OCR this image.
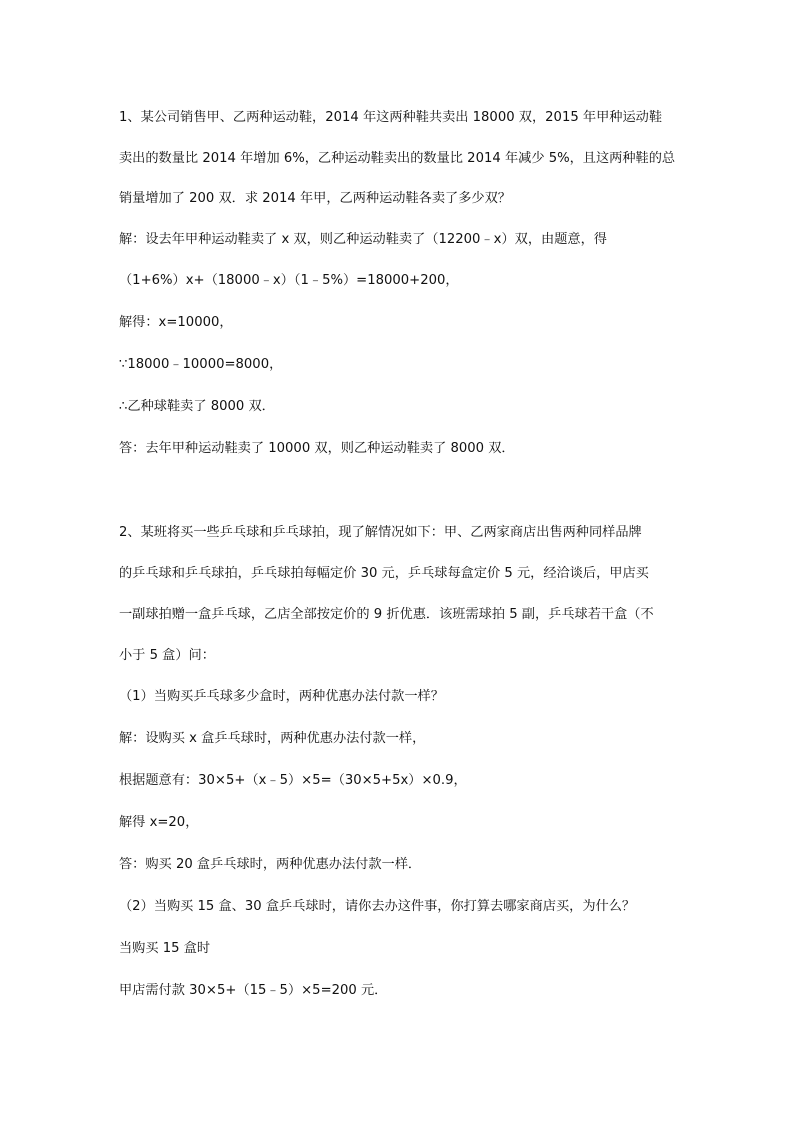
1、某公司销售甲、乙两种运动鞋，2014 年这两种鞋共卖出 18000 双，2015 年甲种运动鞋
卖出的数量比 2014 年增加 6%，乙种运动鞋卖出的数量比 2014 年减少 5%，且这两种鞋的总
销量增加了 200 双．求 2014 年甲，乙两种运动鞋各卖了多少双？
解：设去年甲种运动鞋卖了 x 双，则乙种运动鞋卖了（12200﹣x）双，由题意，得
（1+6%）x+（18000﹣x）（1﹣5%）=18000+200，
解得：x=10000，
∵18000﹣10000=8000，
∴乙种球鞋卖了 8000 双．
答：去年甲种运动鞋卖了 10000 双，则乙种运动鞋卖了 8000 双．
2、某班将买一些乒乓球和乒乓球拍，现了解情况如下：甲、乙两家商店出售两种同样品牌
的乒乓球和乒乓球拍，乒乓球拍每幅定价 30 元，乒乓球每盒定价 5 元，经洽谈后，甲店买
一副球拍赠一盒乒乓球，乙店全部按定价的 9 折优惠．该班需球拍 5 副，乒乓球若干盒（不
小于 5 盒）问：
（1）当购买乒乓球多少盒时，两种优惠办法付款一样？
解：设购买 x 盒乒乓球时，两种优惠办法付款一样，
根据题意有：30×5+（x﹣5）×5=（30×5+5x）×0.9，
解得 x=20，
答：购买 20 盒乒乓球时，两种优惠办法付款一样．
（2）当购买 15 盒、30 盒乒乓球时，请你去办这件事，你打算去哪家商店买，为什么？
当购买 15 盒时
甲店需付款 30×5+（15﹣5）×5=200 元．
